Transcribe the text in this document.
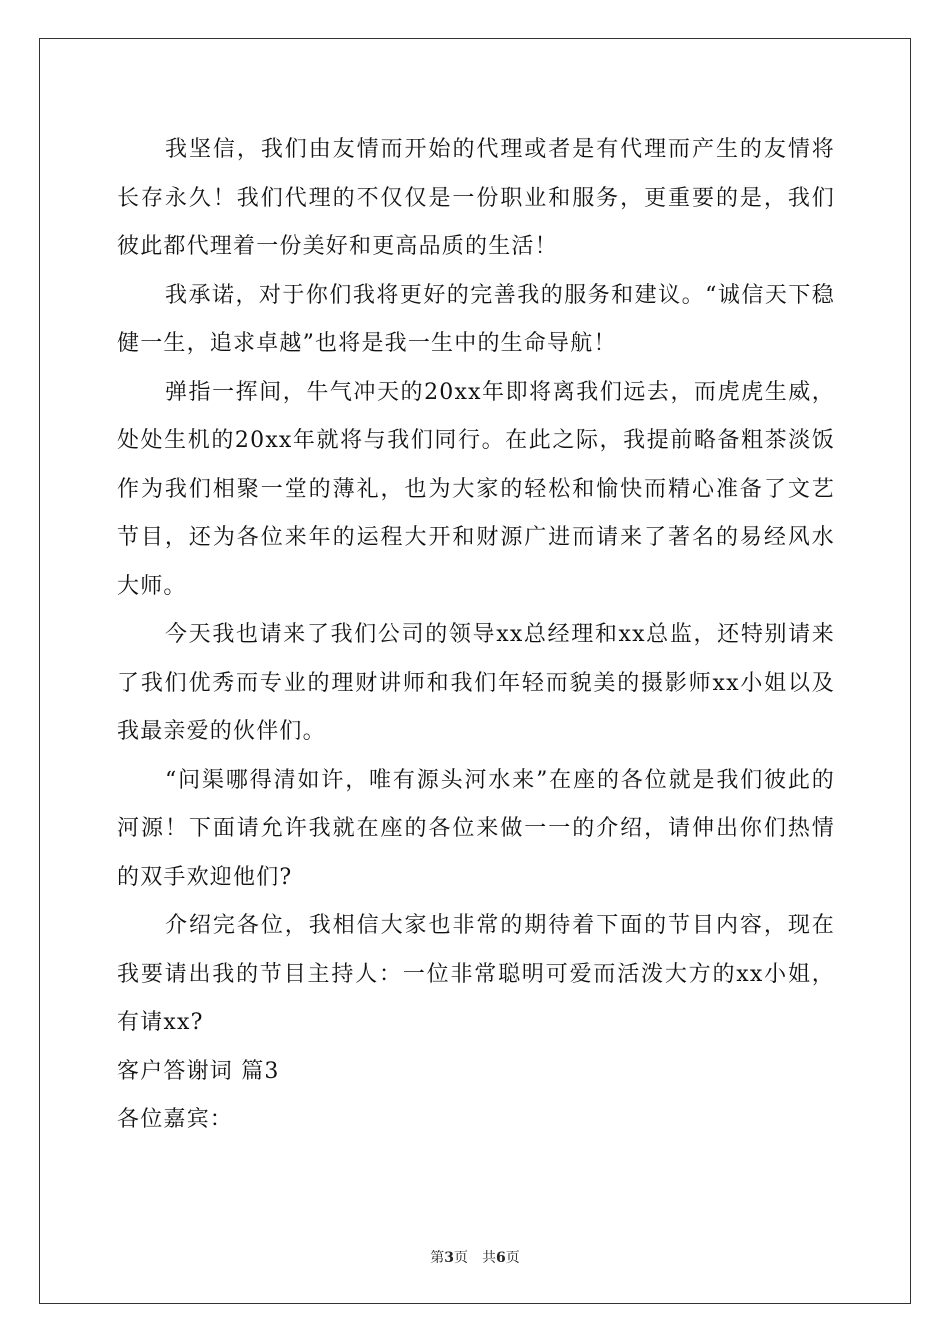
我坚信，我们由友情而开始的代理或者是有代理而产生的友情将长存永久！我们代理的不仅仅是一份职业和服务，更重要的是，我们彼此都代理着一份美好和更高品质的生活！

我承诺，对于你们我将更好的完善我的服务和建议。“诚信天下稳健一生，追求卓越”也将是我一生中的生命导航！

弹指一挥间，牛气冲天的20xx年即将离我们远去，而虎虎生威，处处生机的20xx年就将与我们同行。在此之际，我提前略备粗茶淡饭作为我们相聚一堂的薄礼，也为大家的轻松和愉快而精心准备了文艺节目，还为各位来年的运程大开和财源广进而请来了著名的易经风水大师。

今天我也请来了我们公司的领导xx总经理和xx总监，还特别请来了我们优秀而专业的理财讲师和我们年轻而貌美的摄影师xx小姐以及我最亲爱的伙伴们。

“问渠哪得清如许，唯有源头河水来”在座的各位就是我们彼此的河源！下面请允许我就在座的各位来做一一的介绍，请伸出你们热情的双手欢迎他们?

介绍完各位，我相信大家也非常的期待着下面的节目内容，现在我要请出我的节目主持人：一位非常聪明可爱而活泼大方的xx小姐，有请xx?

客户答谢词 篇3

各位嘉宾：

第3页 共6页
